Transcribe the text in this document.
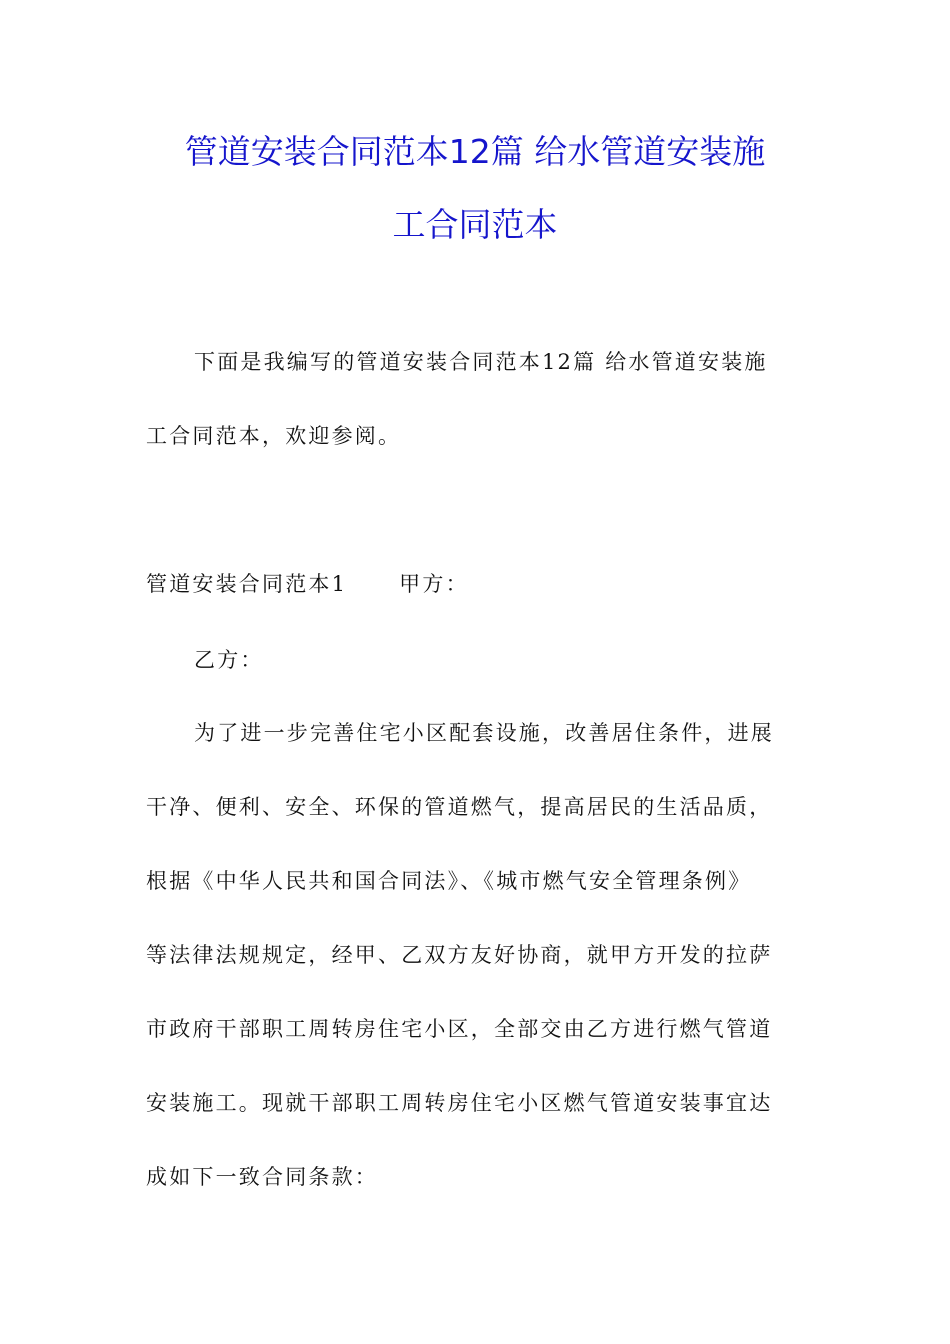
管道安装合同范本12篇 给水管道安装施
工合同范本
下面是我编写的管道安装合同范本12篇 给水管道安装施
工合同范本，欢迎参阅。
管道安装合同范本1 甲方：
乙方：
为了进一步完善住宅小区配套设施，改善居住条件，进展
干净、便利、安全、环保的管道燃气，提高居民的生活品质，
根据《中华人民共和国合同法》、《城市燃气安全管理条例》
等法律法规规定，经甲、乙双方友好协商，就甲方开发的拉萨
市政府干部职工周转房住宅小区，全部交由乙方进行燃气管道
安装施工。现就干部职工周转房住宅小区燃气管道安装事宜达
成如下一致合同条款：
